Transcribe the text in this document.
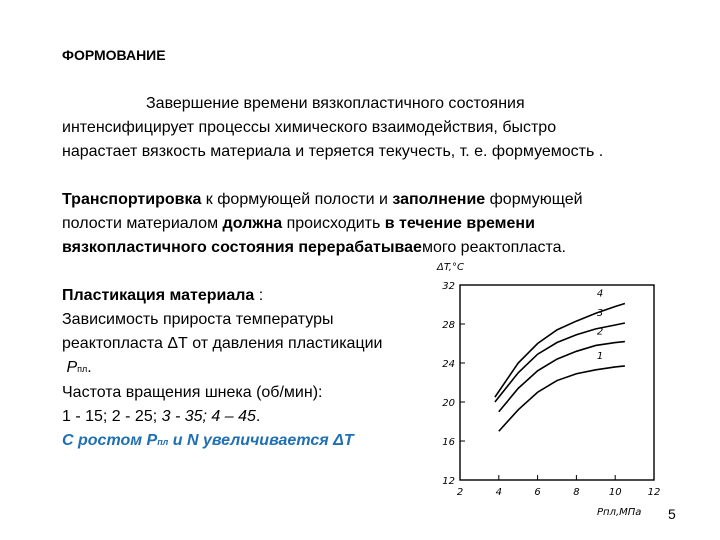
ФОРМОВАНИЕ

Завершение времени вязкопластичного состояния
интенсифицирует процессы химического взаимодействия, быстро
нарастает вязкость материала и теряется текучесть, т. е. формуемость .

Транспортировка к формующей полости и заполнение формующей
полости материалом должна происходить в течение времени
вязкопластичного состояния перерабатываемого реактопласта.

Пластикация материала :
Зависимость прироста температуры
реактопласта ΔТ от давления пластикации
Pпл.
Частота вращения шнека (об/мин):
1 - 15; 2 - 25; 3 - 35; 4 – 45.
С ростом Рпл и N увеличивается ΔТ
2	4	6	8	10	12
12
16
20
24
28
32
ΔT,°C
Pпл,МПа
1
2
3
4
5
